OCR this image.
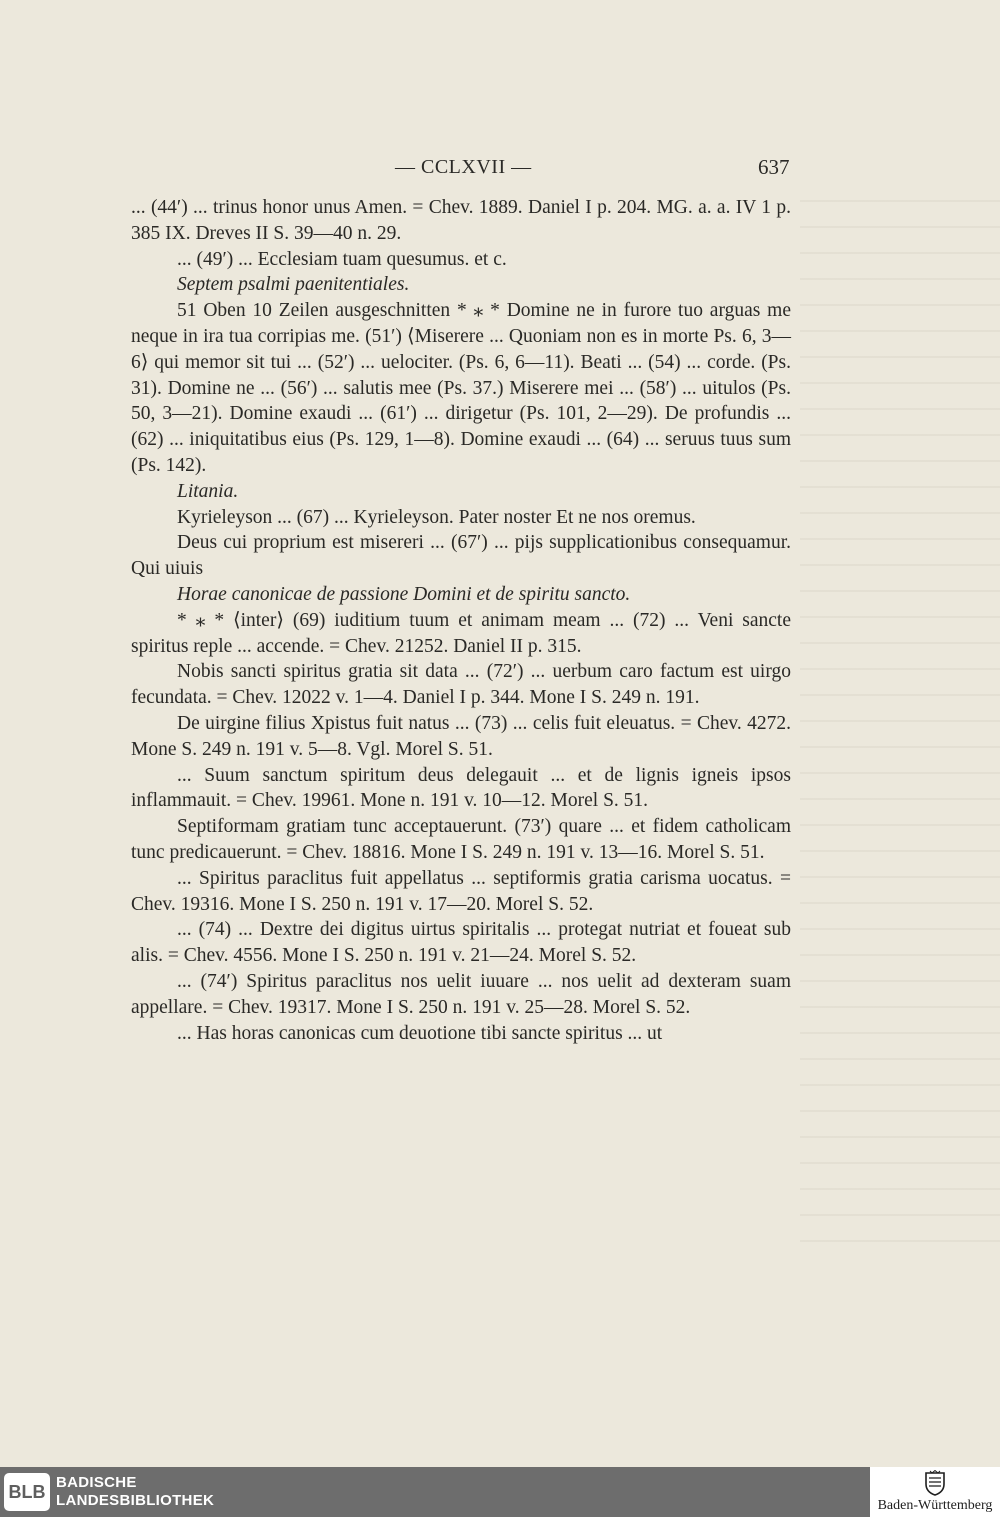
— CCLXVII —	637

... (44′) ... trinus honor unus Amen. = Chev. 1889. Daniel I p. 204. MG. a. a. IV 1 p. 385 IX. Dreves II S. 39—40 n. 29.

... (49′) ... Ecclesiam tuam quesumus. et c.

Septem psalmi paenitentiales.

51 Oben 10 Zeilen ausgeschnitten * ⁎ * Domine ne in furore tuo arguas me neque in ira tua corripias me. (51′) ⟨Miserere ... Quoniam non es in morte Ps. 6, 3—6⟩ qui memor sit tui ... (52′) ... uelociter. (Ps. 6, 6—11). Beati ... (54) ... corde. (Ps. 31). Domine ne ... (56′) ... salutis mee (Ps. 37.) Miserere mei ... (58′) ... uitulos (Ps. 50, 3—21). Domine exaudi ... (61′) ... dirigetur (Ps. 101, 2—29). De profundis ... (62) ... iniquitatibus eius (Ps. 129, 1—8). Domine exaudi ... (64) ... seruus tuus sum (Ps. 142).

Litania.

Kyrieleyson ... (67) ... Kyrieleyson. Pater noster Et ne nos oremus.

Deus cui proprium est misereri ... (67′) ... pijs supplicationibus consequamur. Qui uiuis

Horae canonicae de passione Domini et de spiritu sancto.

* ⁎ * ⟨inter⟩ (69) iuditium tuum et animam meam ... (72) ... Veni sancte spiritus reple ... accende. = Chev. 21252. Daniel II p. 315.

Nobis sancti spiritus gratia sit data ... (72′) ... uerbum caro factum est uirgo fecundata. = Chev. 12022 v. 1—4. Daniel I p. 344. Mone I S. 249 n. 191.

De uirgine filius Xpistus fuit natus ... (73) ... celis fuit eleuatus. = Chev. 4272. Mone S. 249 n. 191 v. 5—8. Vgl. Morel S. 51.

... Suum sanctum spiritum deus delegauit ... et de lignis igneis ipsos inflammauit. = Chev. 19961. Mone n. 191 v. 10—12. Morel S. 51.

Septiformam gratiam tunc acceptauerunt. (73′) quare ... et fidem catholicam tunc predicauerunt. = Chev. 18816. Mone I S. 249 n. 191 v. 13—16. Morel S. 51.

... Spiritus paraclitus fuit appellatus ... septiformis gratia carisma uocatus. = Chev. 19316. Mone I S. 250 n. 191 v. 17—20. Morel S. 52.

... (74) ... Dextre dei digitus uirtus spiritalis ... protegat nutriat et foueat sub alis. = Chev. 4556. Mone I S. 250 n. 191 v. 21—24. Morel S. 52.

... (74′) Spiritus paraclitus nos uelit iuuare ... nos uelit ad dexteram suam appellare. = Chev. 19317. Mone I S. 250 n. 191 v. 25—28. Morel S. 52.

... Has horas canonicas cum deuotione tibi sancte spiritus ... ut

BLB BADISCHE
LANDESBIBLIOTHEK	Baden-Württemberg
